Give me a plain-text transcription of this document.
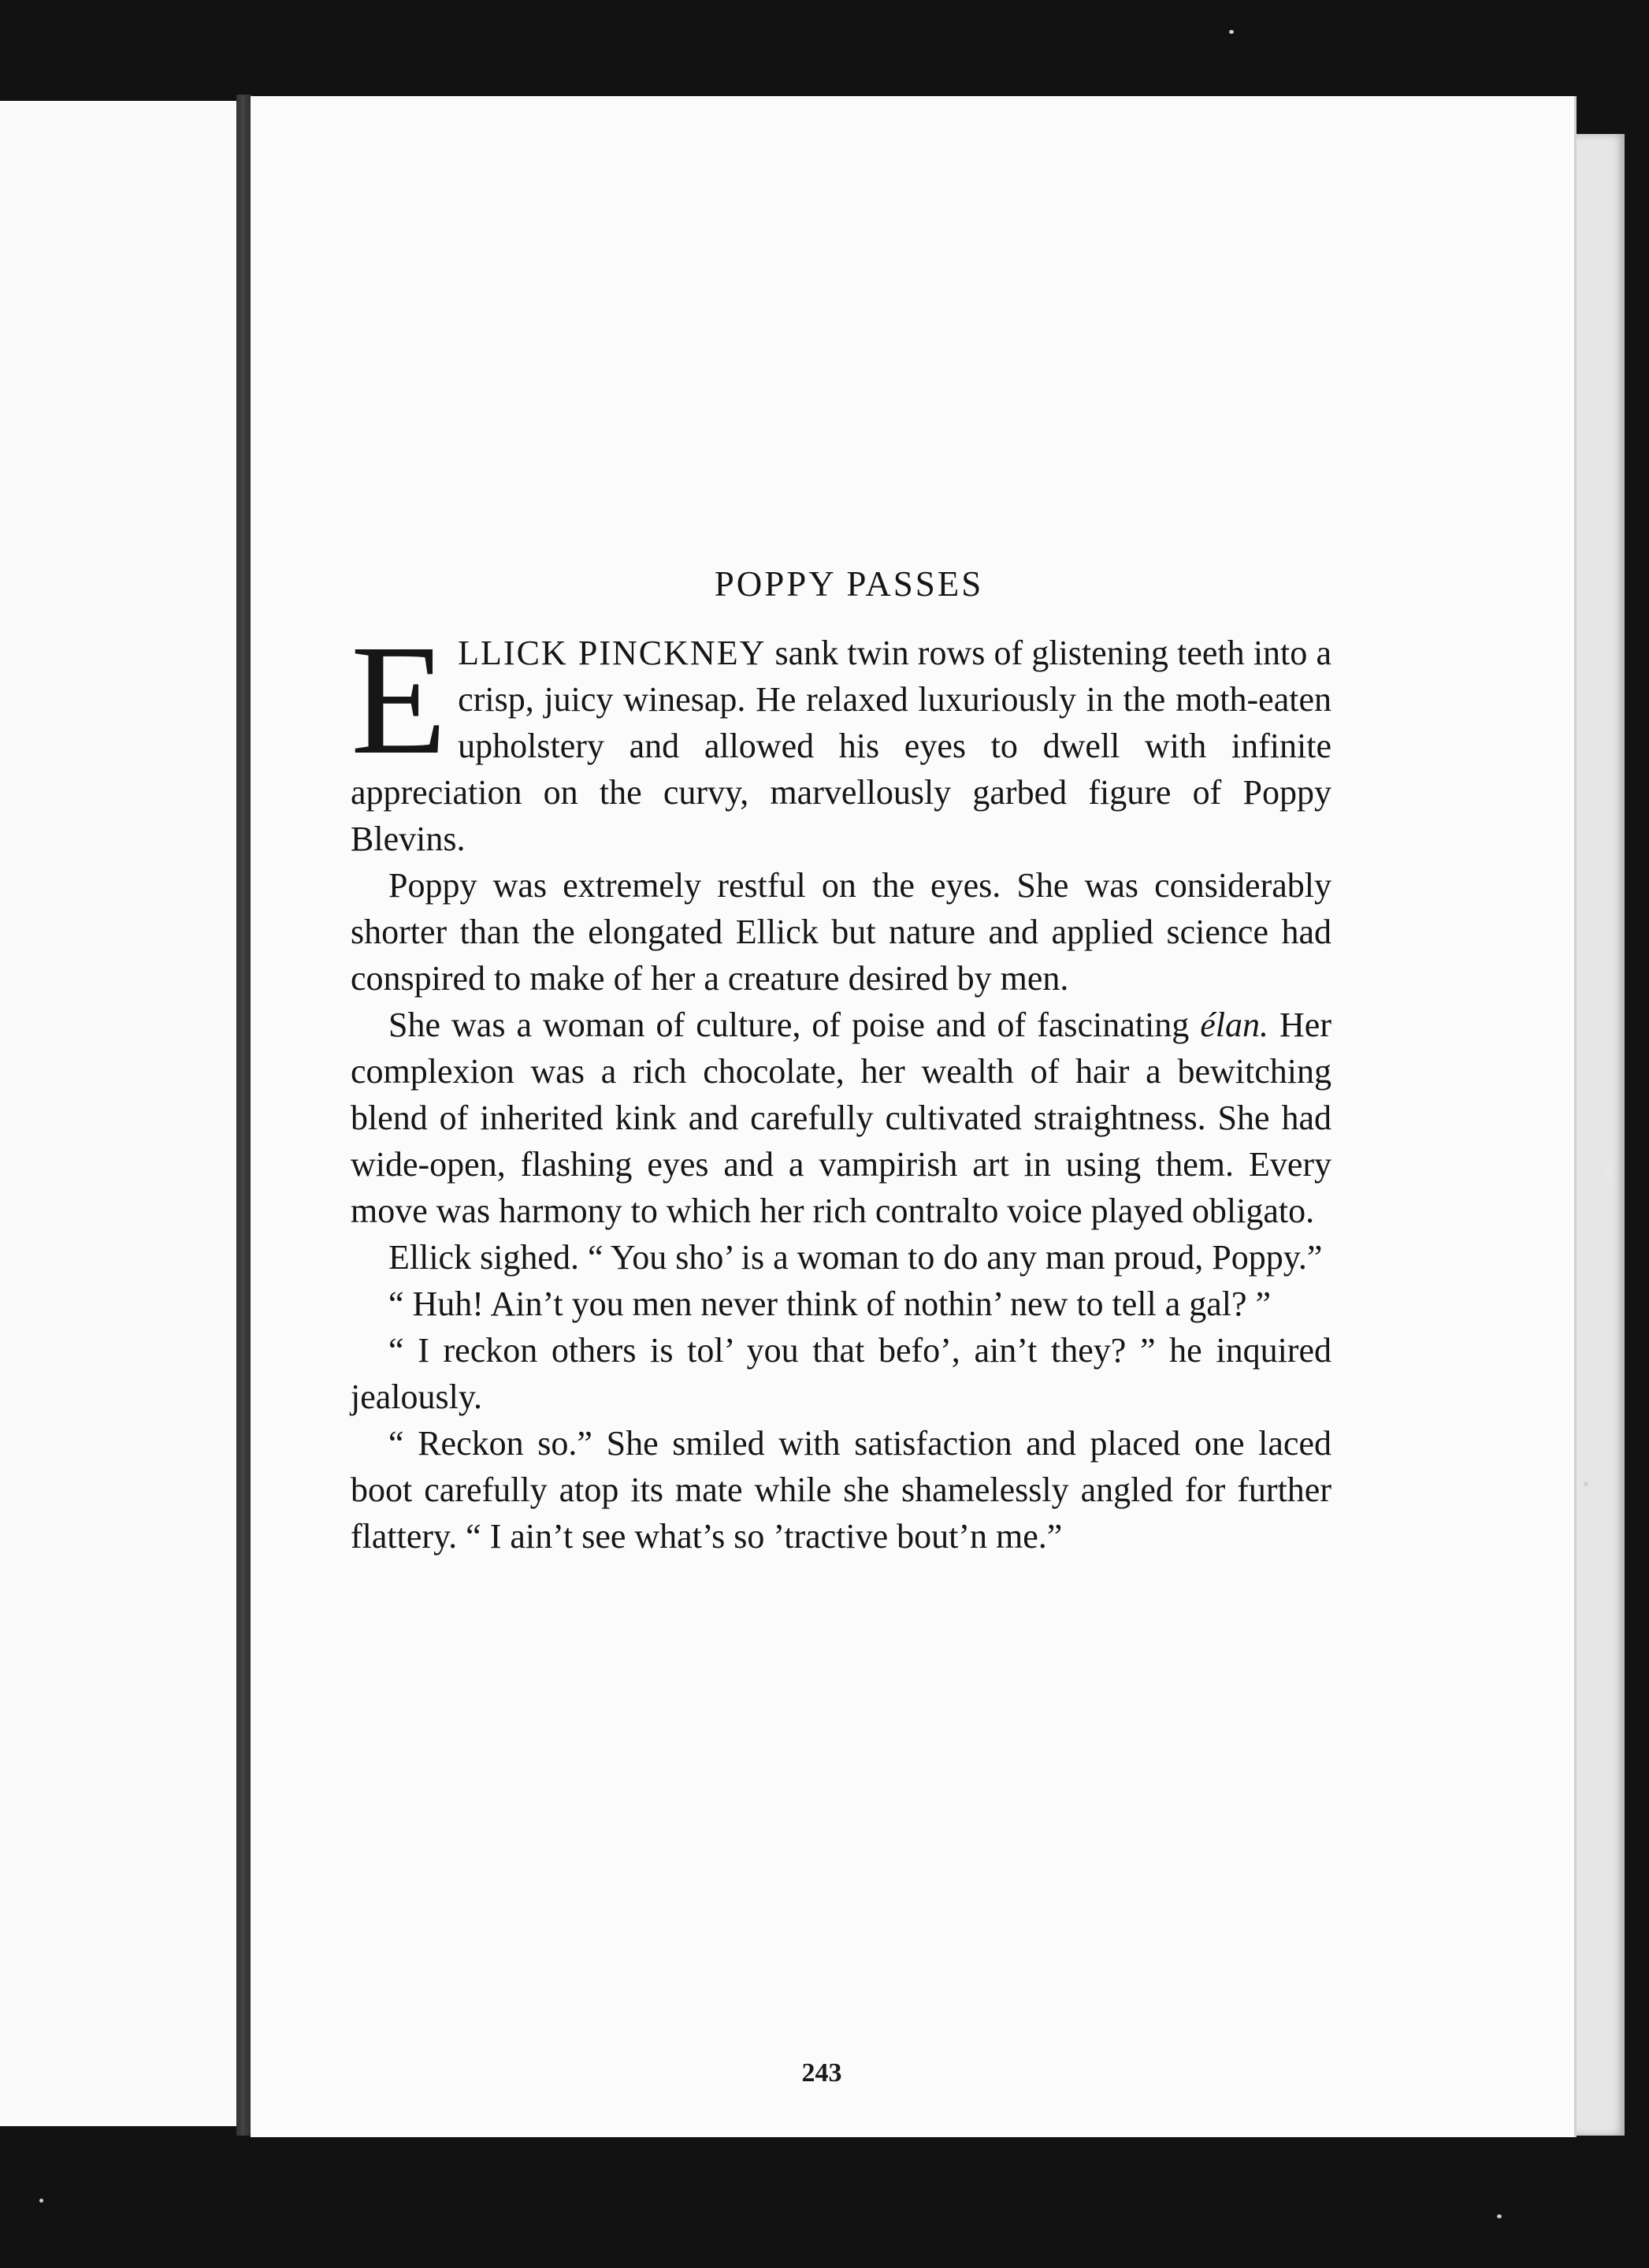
POPPY PASSES

ELLICK PINCKNEY sank twin rows of glistening teeth into a crisp, juicy winesap. He relaxed luxuriously in the moth-eaten upholstery and allowed his eyes to dwell with infinite appreciation on the curvy, marvellously garbed figure of Poppy Blevins.

Poppy was extremely restful on the eyes. She was considerably shorter than the elongated Ellick but nature and applied science had conspired to make of her a creature desired by men.

She was a woman of culture, of poise and of fascinating élan. Her complexion was a rich chocolate, her wealth of hair a bewitching blend of inherited kink and carefully cultivated straightness. She had wide-open, flashing eyes and a vampirish art in using them. Every move was harmony to which her rich contralto voice played obligato.

Ellick sighed. “ You sho’ is a woman to do any man proud, Poppy.”

“ Huh! Ain’t you men never think of nothin’ new to tell a gal? ”

“ I reckon others is tol’ you that befo’, ain’t they? ” he inquired jealously.

“ Reckon so.” She smiled with satisfaction and placed one laced boot carefully atop its mate while she shamelessly angled for further flattery. “ I ain’t see what’s so ’tractive bout’n me.”

243
